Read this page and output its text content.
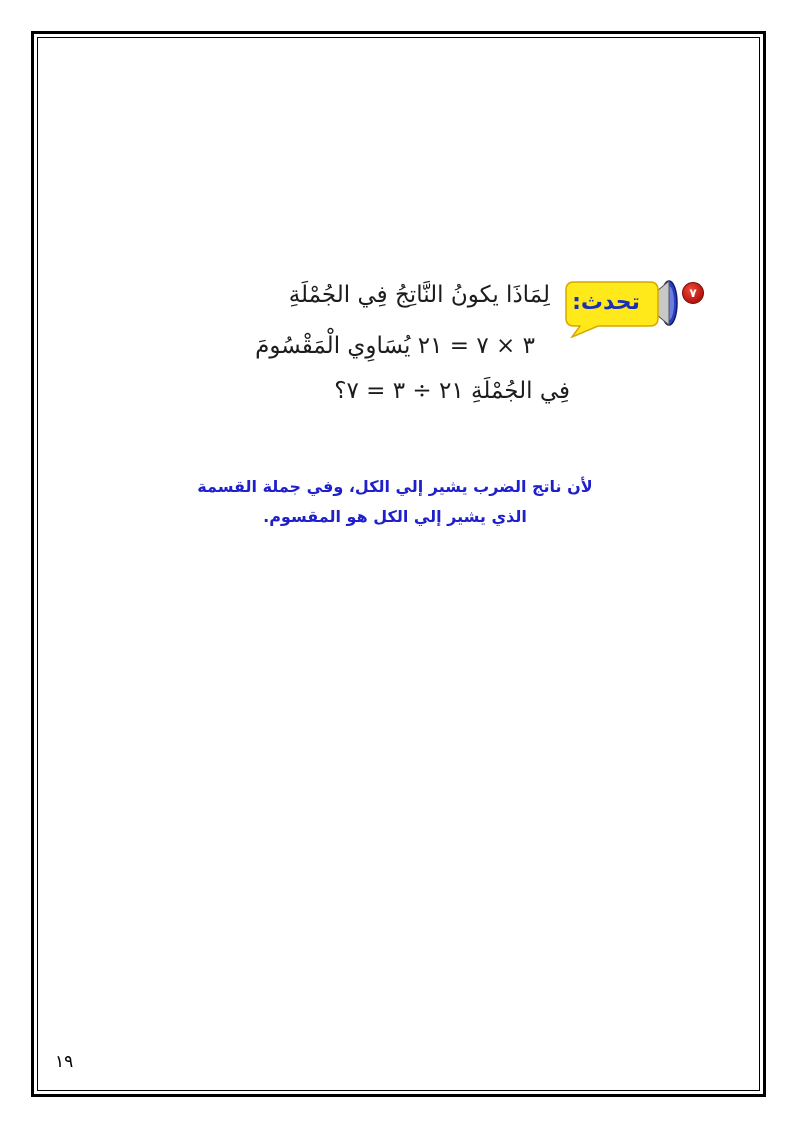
٧
تحدث:
لِمَاذَا يكونُ النَّاتِجُ فِي الجُمْلَةِ
٣ × ٧ = ٢١ يُسَاوِي الْمَقْسُومَ
فِي الجُمْلَةِ ٢١ ÷ ٣ = ٧؟
لأن ناتج الضرب يشير إلي الكل، وفي جملة القسمة
الذي يشير إلي الكل هو المقسوم.
١٩
